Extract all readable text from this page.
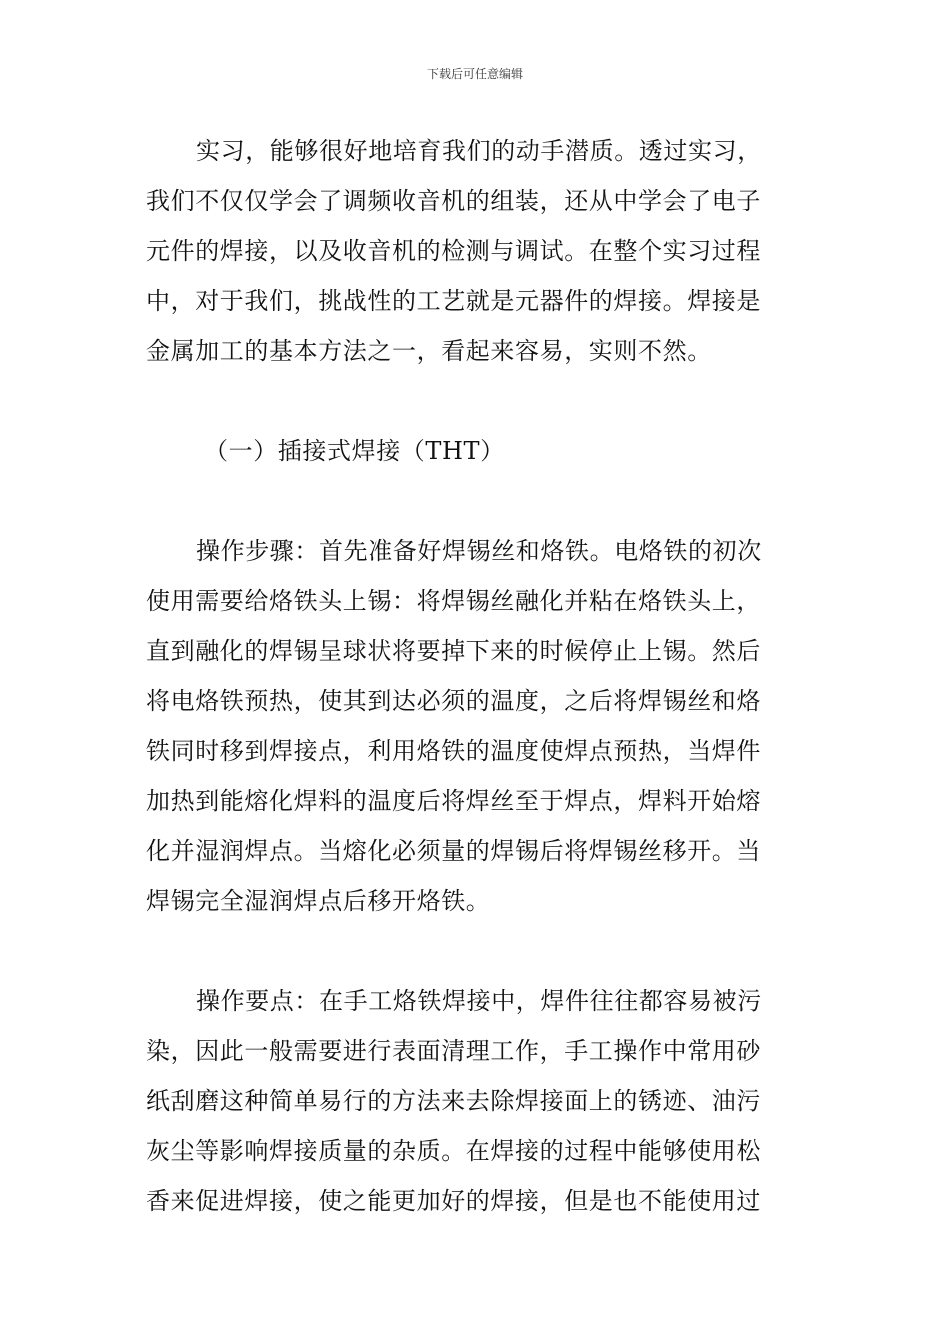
下载后可任意编辑
实习，能够很好地培育我们的动手潜质。透过实习，
我们不仅仅学会了调频收音机的组装，还从中学会了电子
元件的焊接，以及收音机的检测与调试。在整个实习过程
中，对于我们，挑战性的工艺就是元器件的焊接。焊接是
金属加工的基本方法之一，看起来容易，实则不然。
（一）插接式焊接（THT）
操作步骤：首先准备好焊锡丝和烙铁。电烙铁的初次
使用需要给烙铁头上锡：将焊锡丝融化并粘在烙铁头上，
直到融化的焊锡呈球状将要掉下来的时候停止上锡。然后
将电烙铁预热，使其到达必须的温度，之后将焊锡丝和烙
铁同时移到焊接点，利用烙铁的温度使焊点预热，当焊件
加热到能熔化焊料的温度后将焊丝至于焊点，焊料开始熔
化并湿润焊点。当熔化必须量的焊锡后将焊锡丝移开。当
焊锡完全湿润焊点后移开烙铁。
操作要点：在手工烙铁焊接中，焊件往往都容易被污
染，因此一般需要进行表面清理工作，手工操作中常用砂
纸刮磨这种简单易行的方法来去除焊接面上的锈迹、油污
灰尘等影响焊接质量的杂质。在焊接的过程中能够使用松
香来促进焊接，使之能更加好的焊接，但是也不能使用过
